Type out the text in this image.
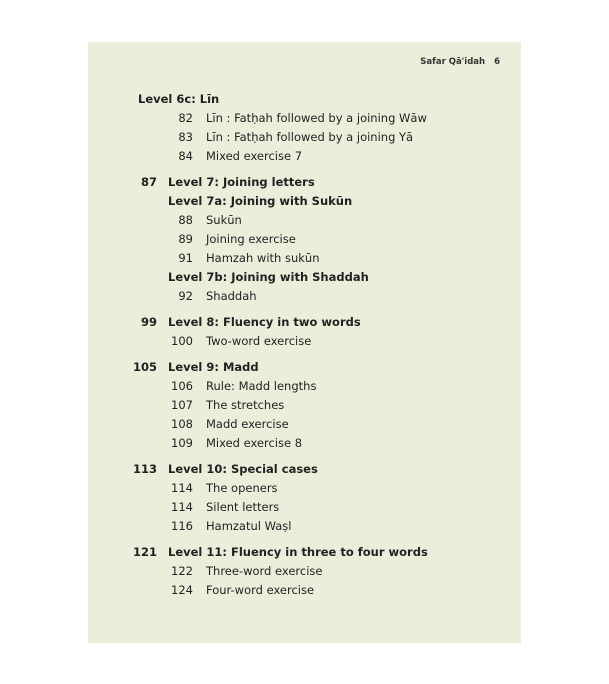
Safar Qā'idah 6
Level 6c: Līn
82 Līn : Fatḥah followed by a joining Wāw
83 Līn : Fatḥah followed by a joining Yā
84 Mixed exercise 7
87 Level 7: Joining letters
Level 7a: Joining with Sukūn
88 Sukūn
89 Joining exercise
91 Hamzah with sukūn
Level 7b: Joining with Shaddah
92 Shaddah
99 Level 8: Fluency in two words
100 Two-word exercise
105 Level 9: Madd
106 Rule: Madd lengths
107 The stretches
108 Madd exercise
109 Mixed exercise 8
113 Level 10: Special cases
114 The openers
114 Silent letters
116 Hamzatul Waṣl
121 Level 11: Fluency in three to four words
122 Three-word exercise
124 Four-word exercise
